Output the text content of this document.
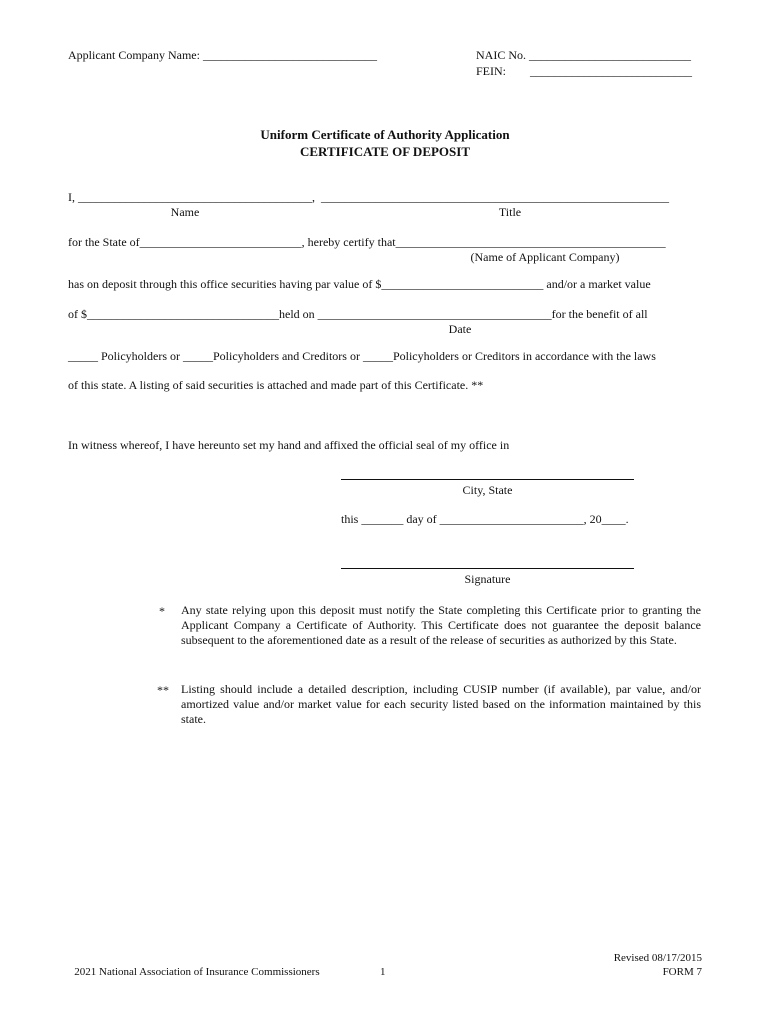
Applicant Company Name: _____________________________	NAIC No. ___________________________
FEIN: ___________________________
Uniform Certificate of Authority Application
CERTIFICATE OF DEPOSIT
I, _______________________________________,  __________________________________________________________
Name	Title
for the State of___________________________, hereby certify that_____________________________________________
(Name of Applicant Company)
has on deposit through this office securities having par value of $___________________________ and/or a market value
of $________________________________held on _______________________________________for the benefit of all
Date
_____ Policyholders or _____Policyholders and Creditors or _____Policyholders or Creditors in accordance with the laws
of this state. A listing of said securities is attached and made part of this Certificate. **
In witness whereof, I have hereunto set my hand and affixed the official seal of my office in
City, State
this _______ day of ________________________, 20____.
Signature
* Any state relying upon this deposit must notify the State completing this Certificate prior to granting the Applicant Company a Certificate of Authority. This Certificate does not guarantee the deposit balance subsequent to the aforementioned date as a result of the release of securities as authorized by this State.
** Listing should include a detailed description, including CUSIP number (if available), par value, and/or amortized value and/or market value for each security listed based on the information maintained by this state.
  2021 National Association of Insurance Commissioners	1
Revised 08/17/2015
FORM 7
